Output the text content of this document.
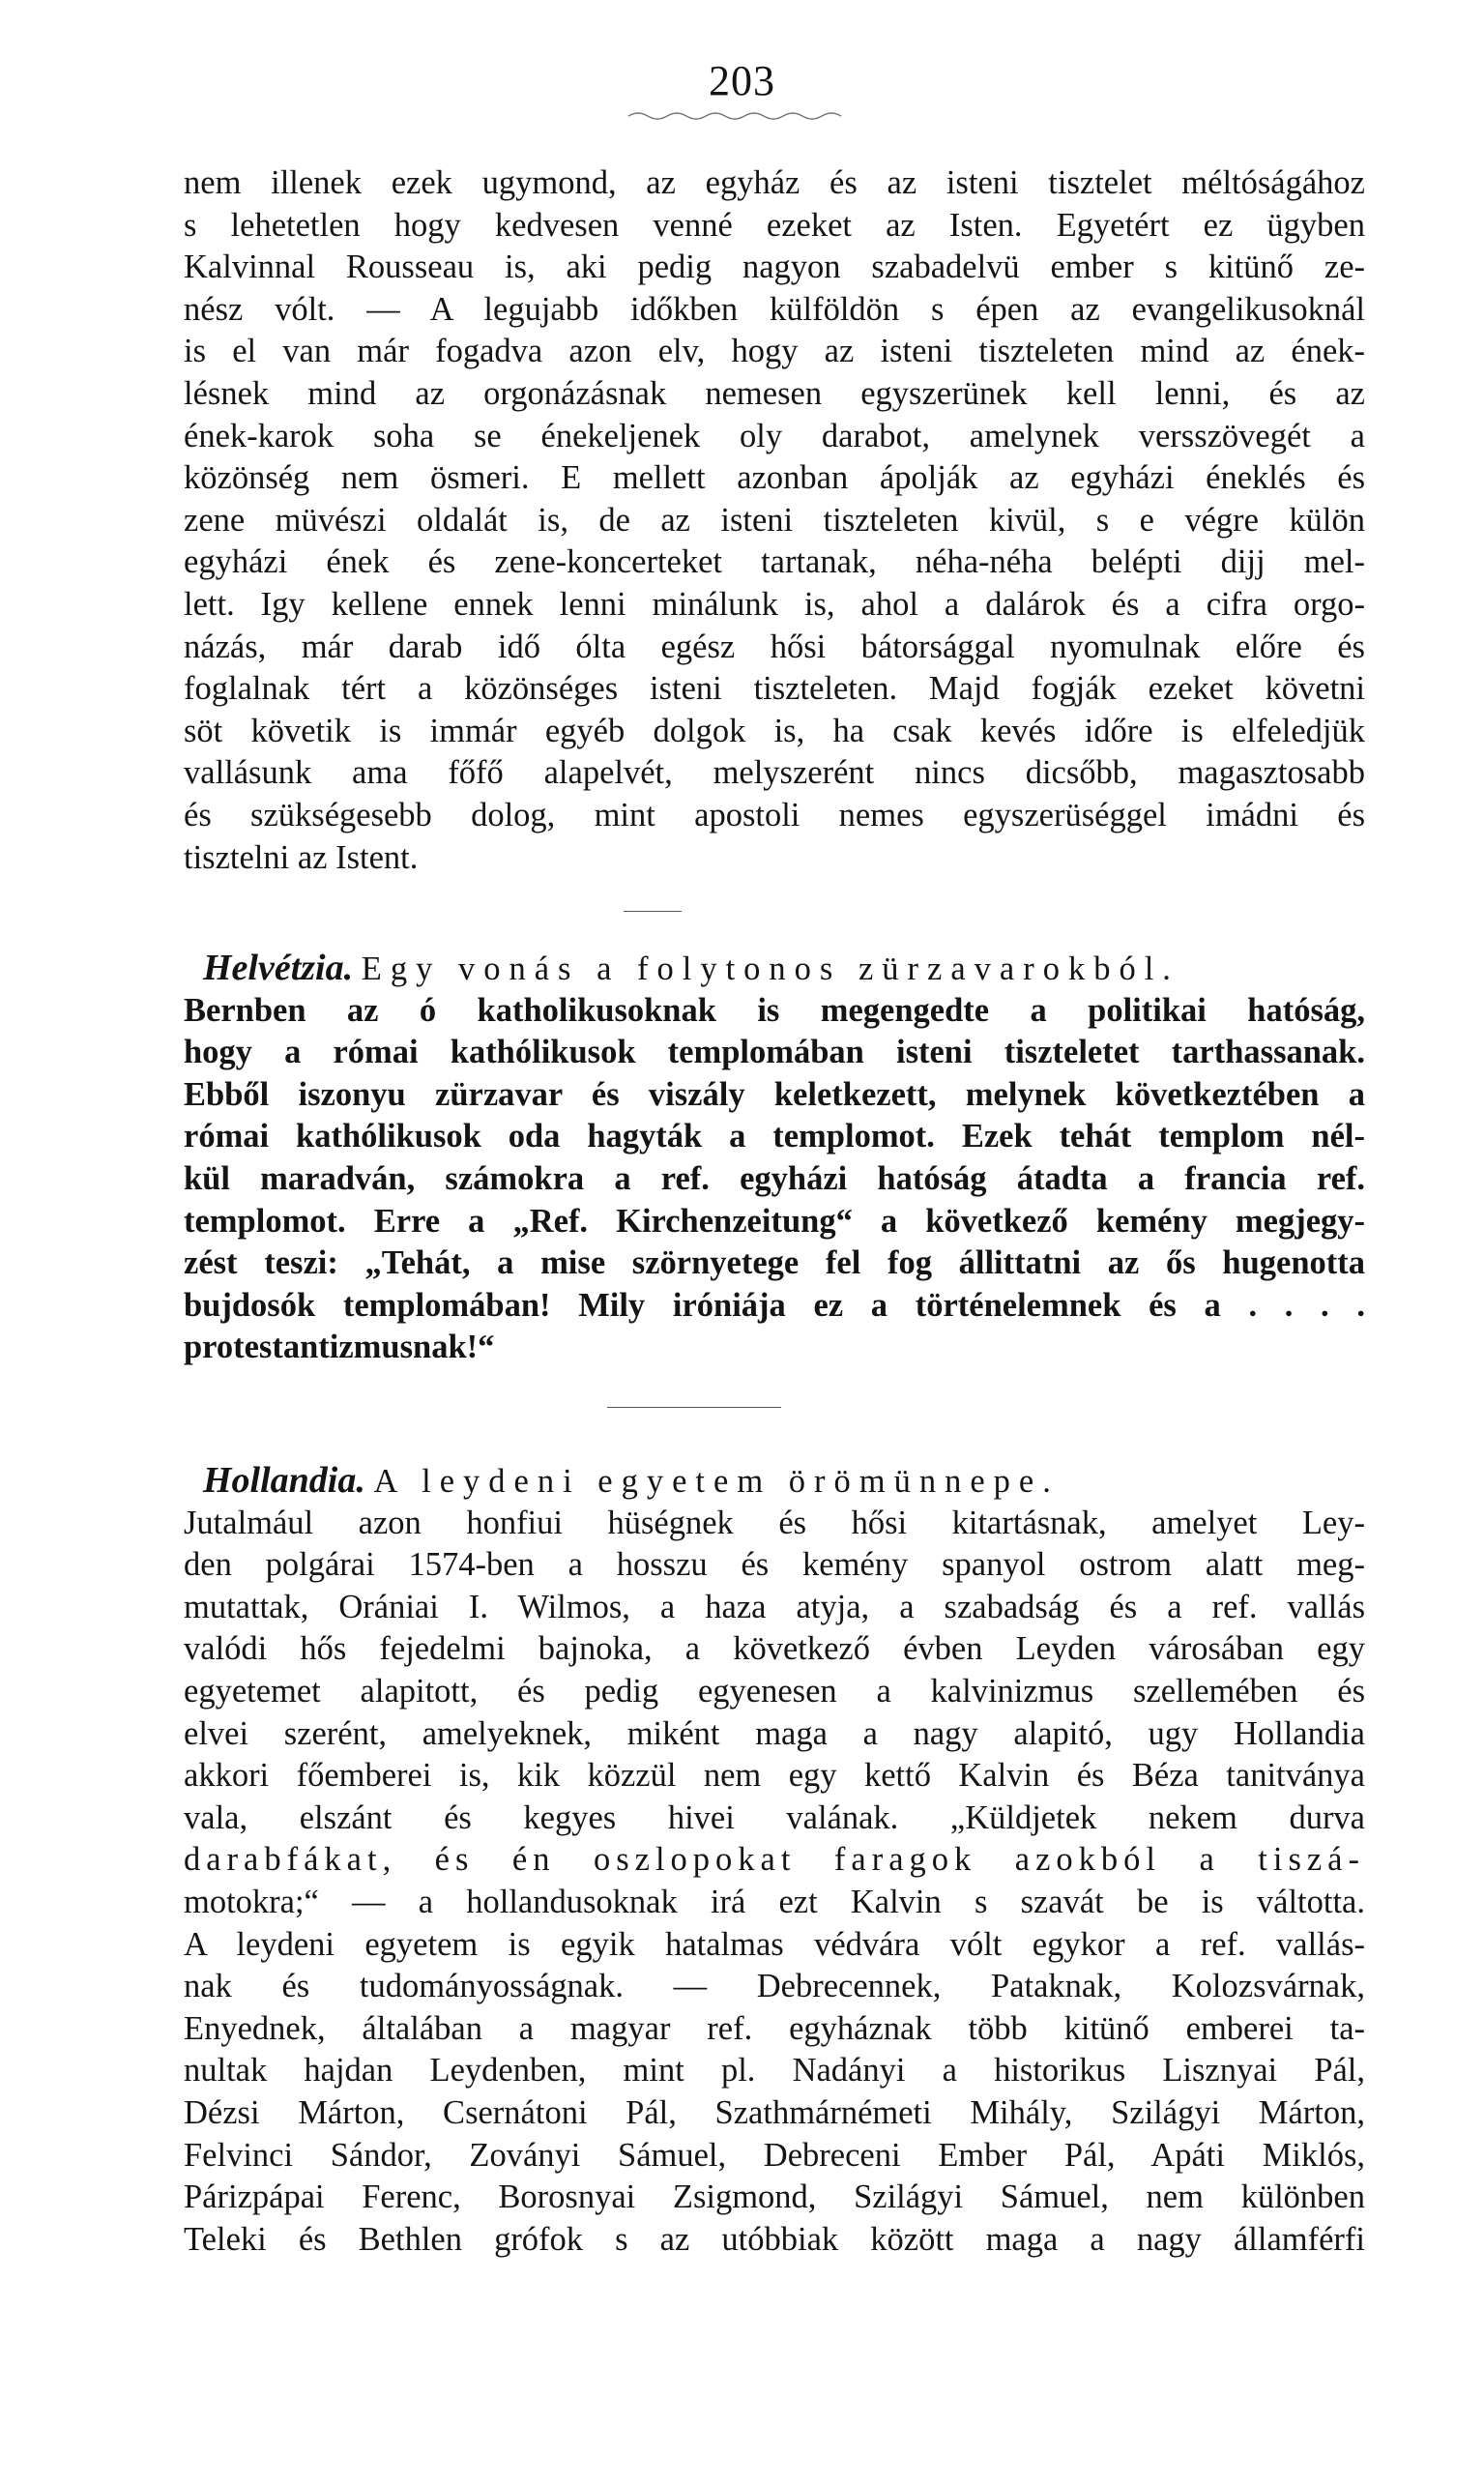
203
nem illenek ezek ugymond, az egyház és az isteni tisztelet méltóságához
s lehetetlen hogy kedvesen venné ezeket az Isten. Egyetért ez ügyben
Kalvinnal Rousseau is, aki pedig nagyon szabadelvü ember s kitünő ze-
nész vólt. — A legujabb időkben külföldön s épen az evangelikusoknál
is el van már fogadva azon elv, hogy az isteni tiszteleten mind az ének-
lésnek mind az orgonázásnak nemesen egyszerünek kell lenni, és az
ének-karok soha se énekeljenek oly darabot, amelynek versszövegét a
közönség nem ösmeri. E mellett azonban ápolják az egyházi éneklés és
zene müvészi oldalát is, de az isteni tiszteleten kivül, s e végre külön
egyházi ének és zene-koncerteket tartanak, néha-néha belépti dijj mel-
lett. Igy kellene ennek lenni minálunk is, ahol a dalárok és a cifra orgo-
názás, már darab idő ólta egész hősi bátorsággal nyomulnak előre és
foglalnak tért a közönséges isteni tiszteleten. Majd fogják ezeket követni
söt követik is immár egyéb dolgok is, ha csak kevés időre is elfeledjük
vallásunk ama főfő alapelvét, melyszerént nincs dicsőbb, magasztosabb
és szükségesebb dolog, mint apostoli nemes egyszerüséggel imádni és
tisztelni az Istent.
Helvétzia. Egy vonás a folytonos zürzavarokból.
Bernben az ó katholikusoknak is megengedte a politikai hatóság,
hogy a római kathólikusok templomában isteni tiszteletet tarthassanak.
Ebből iszonyu zürzavar és viszály keletkezett, melynek következtében a
római kathólikusok oda hagyták a templomot. Ezek tehát templom nél-
kül maradván, számokra a ref. egyházi hatóság átadta a francia ref.
templomot. Erre a „Ref. Kirchenzeitung“ a következő kemény megjegy-
zést teszi: „Tehát, a mise szörnyetege fel fog állittatni az ős hugenotta
bujdosók templomában! Mily iróniája ez a történelemnek és a . . . .
protestantizmusnak!“
Hollandia. A leydeni egyetem örömünnepe.
Jutalmául azon honfiui hüségnek és hősi kitartásnak, amelyet Ley-
den polgárai 1574-ben a hosszu és kemény spanyol ostrom alatt meg-
mutattak, Orániai I. Wilmos, a haza atyja, a szabadság és a ref. vallás
valódi hős fejedelmi bajnoka, a következő évben Leyden városában egy
egyetemet alapitott, és pedig egyenesen a kalvinizmus szellemében és
elvei szerént, amelyeknek, miként maga a nagy alapitó, ugy Hollandia
akkori főemberei is, kik közzül nem egy kettő Kalvin és Béza tanitványa
vala, elszánt és kegyes hivei valának. „Küldjetek nekem durva
darabfákat, és én oszlopokat faragok azokból a tiszá-
motokra;“ — a hollandusoknak irá ezt Kalvin s szavát be is váltotta.
A leydeni egyetem is egyik hatalmas védvára vólt egykor a ref. vallás-
nak és tudományosságnak. — Debrecennek, Pataknak, Kolozsvárnak,
Enyednek, általában a magyar ref. egyháznak több kitünő emberei ta-
nultak hajdan Leydenben, mint pl. Nadányi a historikus Lisznyai Pál,
Dézsi Márton, Csernátoni Pál, Szathmárnémeti Mihály, Szilágyi Márton,
Felvinci Sándor, Zoványi Sámuel, Debreceni Ember Pál, Apáti Miklós,
Párizpápai Ferenc, Borosnyai Zsigmond, Szilágyi Sámuel, nem különben
Teleki és Bethlen grófok s az utóbbiak között maga a nagy államférfi
